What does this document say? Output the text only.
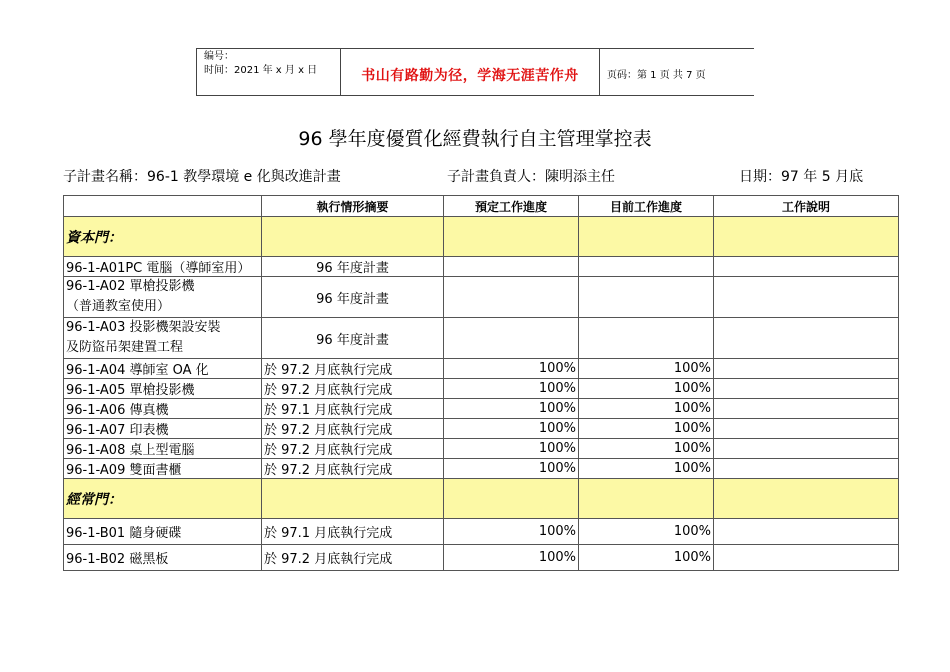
编号：
时间：2021 年 x 月 x 日	书山有路勤为径，学海无涯苦作舟	页码：第 1 页 共 7 页
96 學年度優質化經費執行自主管理掌控表
子計畫名稱：96-1 教學環境 e 化與改進計畫	子計畫負責人：陳明添主任	日期：97 年 5 月底
	執行情形摘要	預定工作進度	目前工作進度	工作說明
資本門：				
96-1-A01PC 電腦（導師室用）	96 年度計畫			
96-1-A02 單槍投影機
（普通教室使用）	96 年度計畫			
96-1-A03 投影機架設安裝
及防盜吊架建置工程	96 年度計畫			
96-1-A04 導師室 OA 化	於 97.2 月底執行完成	100%	100%	
96-1-A05 單槍投影機	於 97.2 月底執行完成	100%	100%	
96-1-A06 傳真機	於 97.1 月底執行完成	100%	100%	
96-1-A07 印表機	於 97.2 月底執行完成	100%	100%	
96-1-A08 桌上型電腦	於 97.2 月底執行完成	100%	100%	
96-1-A09 雙面書櫃	於 97.2 月底執行完成	100%	100%	
經常門：				
96-1-B01 隨身硬碟	於 97.1 月底執行完成	100%	100%	
96-1-B02 磁黑板	於 97.2 月底執行完成	100%	100%	
